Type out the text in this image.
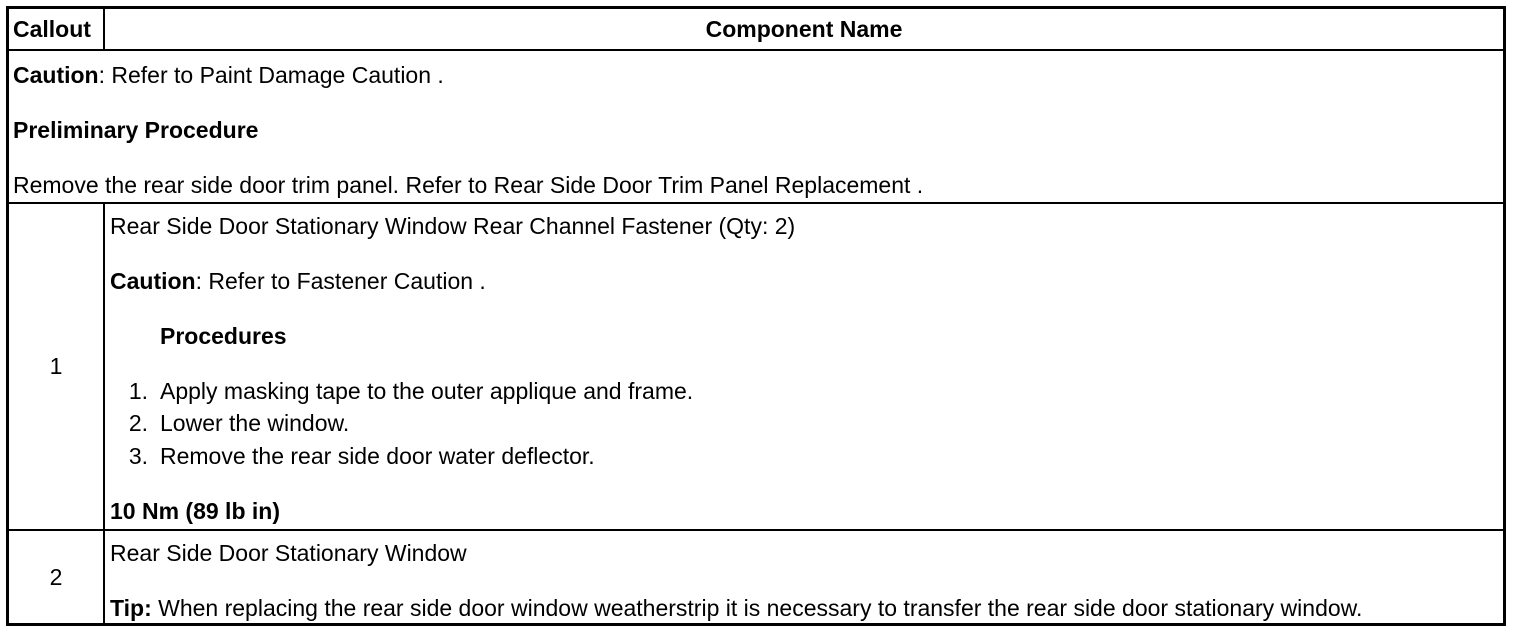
Callout	Component Name
Caution: Refer to Paint Damage Caution .
Preliminary Procedure
Remove the rear side door trim panel. Refer to Rear Side Door Trim Panel Replacement .
1
Rear Side Door Stationary Window Rear Channel Fastener (Qty: 2)
Caution: Refer to Fastener Caution .
Procedures
1. Apply masking tape to the outer applique and frame.
2. Lower the window.
3. Remove the rear side door water deflector.
10 Nm (89 lb in)
2
Rear Side Door Stationary Window
Tip: When replacing the rear side door window weatherstrip it is necessary to transfer the rear side door stationary window.
